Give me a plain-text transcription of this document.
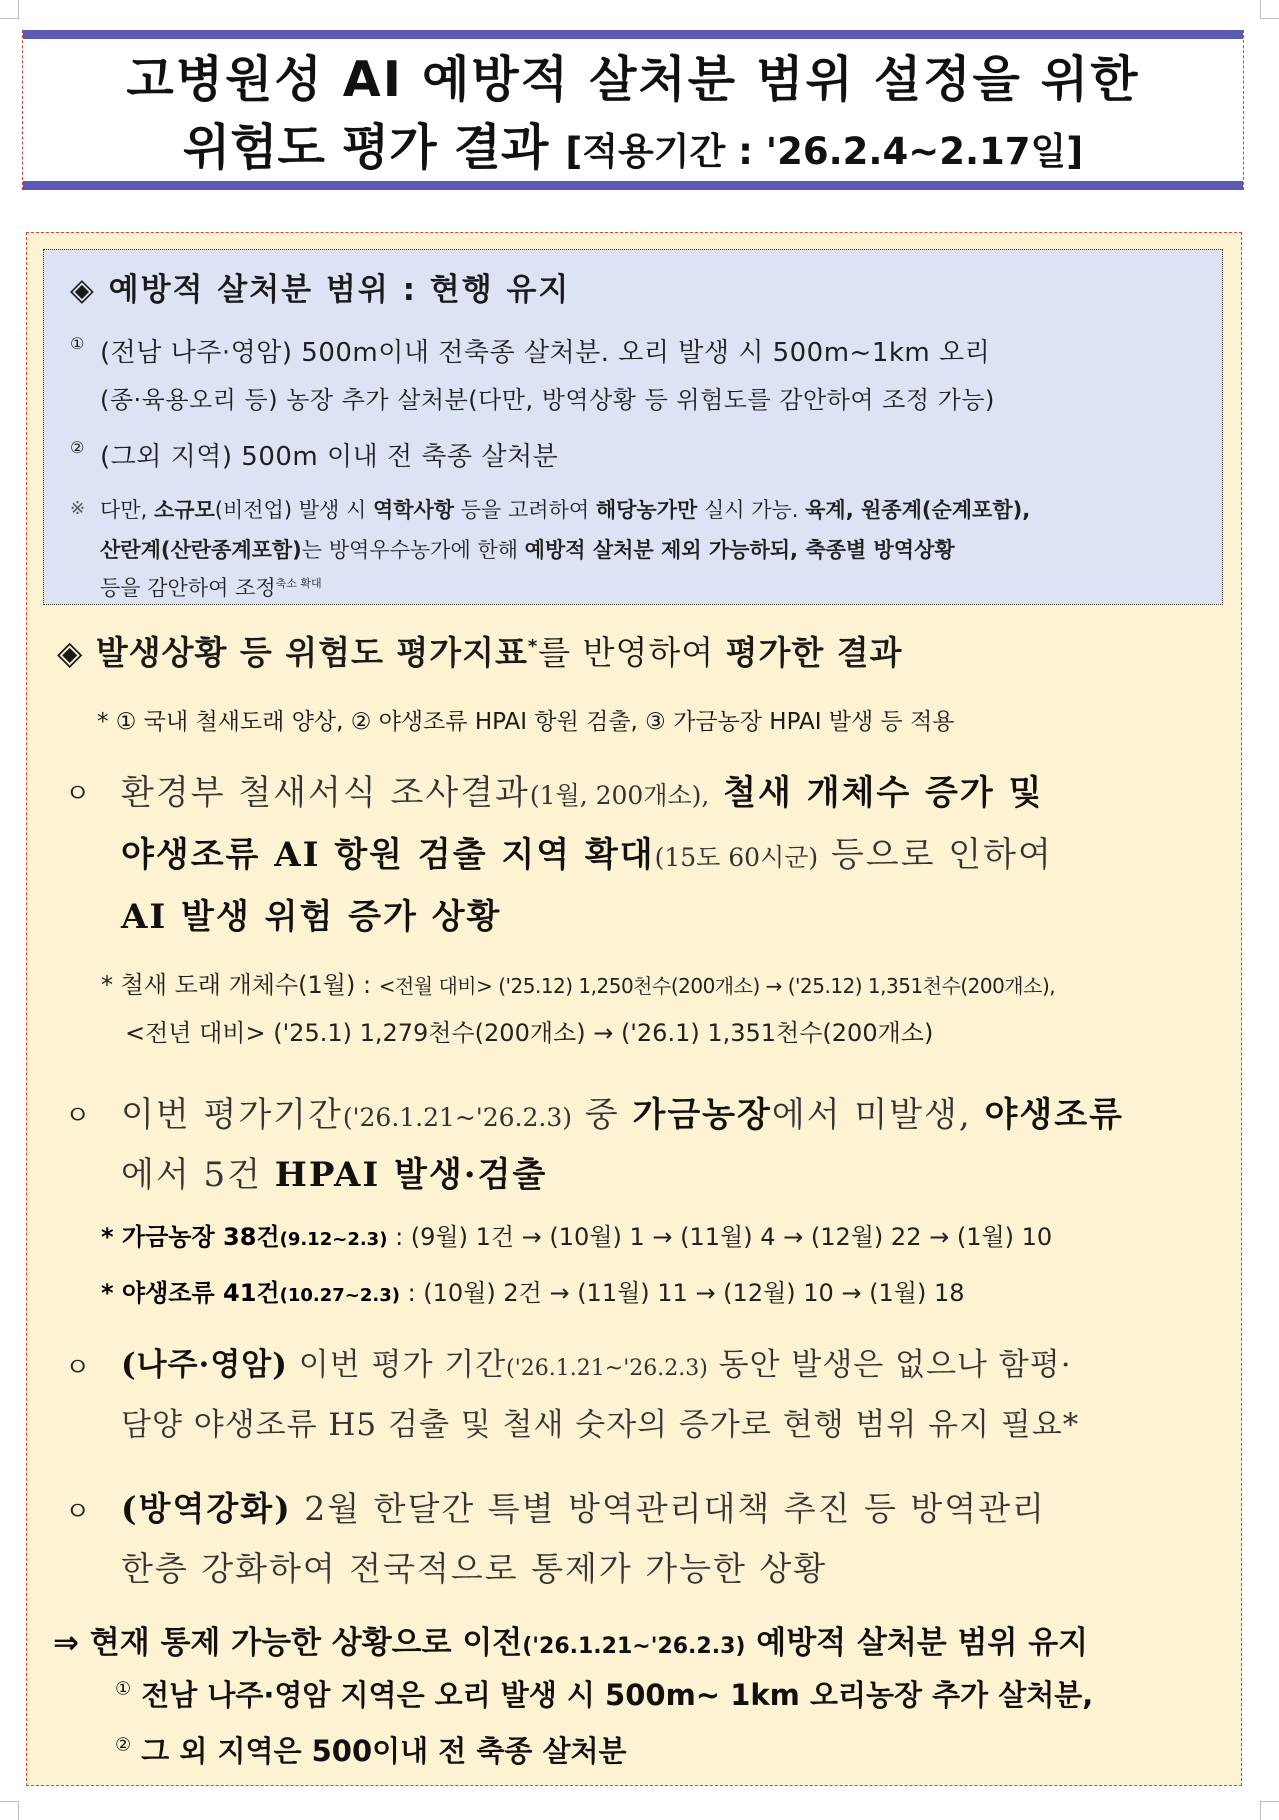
고병원성 AI 예방적 살처분 범위 설정을 위한
위험도 평가 결과 [적용기간 : '26.2.4~2.17일]
◈ 예방적 살처분 범위 : 현행 유지
① (전남 나주·영암) 500m이내 전축종 살처분. 오리 발생 시 500m~1km 오리
(종·육용오리 등) 농장 추가 살처분(다만, 방역상황 등 위험도를 감안하여 조정 가능)
② (그외 지역) 500m 이내 전 축종 살처분
※ 다만, 소규모(비전업) 발생 시 역학사항 등을 고려하여 해당농가만 실시 가능. 육계, 원종계(순계포함),
산란계(산란종계포함)는 방역우수농가에 한해 예방적 살처분 제외 가능하되, 축종별 방역상황
등을 감안하여 조정$^{축소 확대}$
◈ 발생상황 등 위험도 평가지표*를 반영하여 평가한 결과
* ① 국내 철새도래 양상, ② 야생조류 HPAI 항원 검출, ③ 가금농장 HPAI 발생 등 적용
ㅇ 환경부 철새서식 조사결과(1월, 200개소), 철새 개체수 증가 및
야생조류 AI 항원 검출 지역 확대(15도 60시군) 등으로 인하여
AI 발생 위험 증가 상황
* 철새 도래 개체수(1월) : <전월 대비> ('25.12) 1,250천수(200개소) → ('25.12) 1,351천수(200개소),
<전년 대비> ('25.1) 1,279천수(200개소) → ('26.1) 1,351천수(200개소)
ㅇ 이번 평가기간('26.1.21~'26.2.3) 중 가금농장에서 미발생, 야생조류
에서 5건 HPAI 발생·검출
* 가금농장 38건(9.12~2.3) : (9월) 1건 → (10월) 1 → (11월) 4 → (12월) 22 → (1월) 10
* 야생조류 41건(10.27~2.3) : (10월) 2건 → (11월) 11 → (12월) 10 → (1월) 18
ㅇ (나주·영암) 이번 평가 기간('26.1.21~'26.2.3) 동안 발생은 없으나 함평·
담양 야생조류 H5 검출 및 철새 숫자의 증가로 현행 범위 유지 필요*
ㅇ (방역강화) 2월 한달간 특별 방역관리대책 추진 등 방역관리
한층 강화하여 전국적으로 통제가 가능한 상황
⇒ 현재 통제 가능한 상황으로 이전('26.1.21~'26.2.3) 예방적 살처분 범위 유지
① 전남 나주·영암 지역은 오리 발생 시 500m~ 1km 오리농장 추가 살처분,
② 그 외 지역은 500이내 전 축종 살처분
